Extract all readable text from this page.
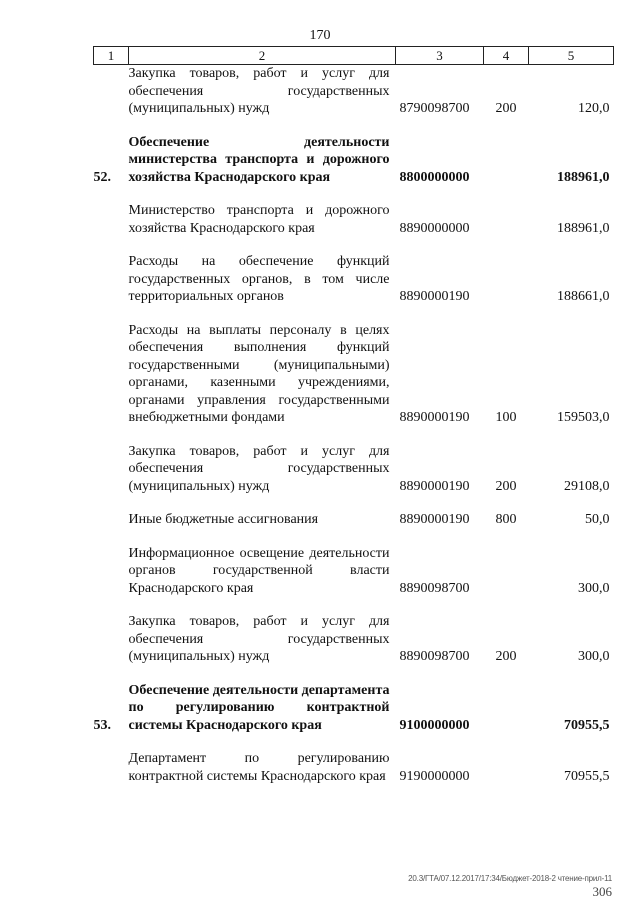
170
1	2	3	4	5
	Закупка товаров, работ и услуг для обеспечения государственных (муниципальных) нужд	8790098700	200	120,0

52.	Обеспечение деятельности министерства транспорта и дорожного хозяйства Краснодарского края	8800000000		188961,0

	Министерство транспорта и дорожного хозяйства Краснодарского края	8890000000		188961,0

	Расходы на обеспечение функций государственных органов, в том числе территориальных органов	8890000190		188661,0

	Расходы на выплаты персоналу в целях обеспечения выполнения функций государственными (муниципальными) органами, казенными учреждениями, органами управления государственными внебюджетными фондами	8890000190	100	159503,0

	Закупка товаров, работ и услуг для обеспечения государственных (муниципальных) нужд	8890000190	200	29108,0

	Иные бюджетные ассигнования	8890000190	800	50,0

	Информационное освещение деятельности органов государственной власти Краснодарского края	8890098700		300,0

	Закупка товаров, работ и услуг для обеспечения государственных (муниципальных) нужд	8890098700	200	300,0

53.	Обеспечение деятельности департамента по регулированию контрактной системы Краснодарского края	9100000000		70955,5

	Департамент по регулированию контрактной системы Краснодарского края	9190000000		70955,5
20.3/ГТА/07.12.2017/17:34/Бюджет-2018-2 чтение-прил-11
306
